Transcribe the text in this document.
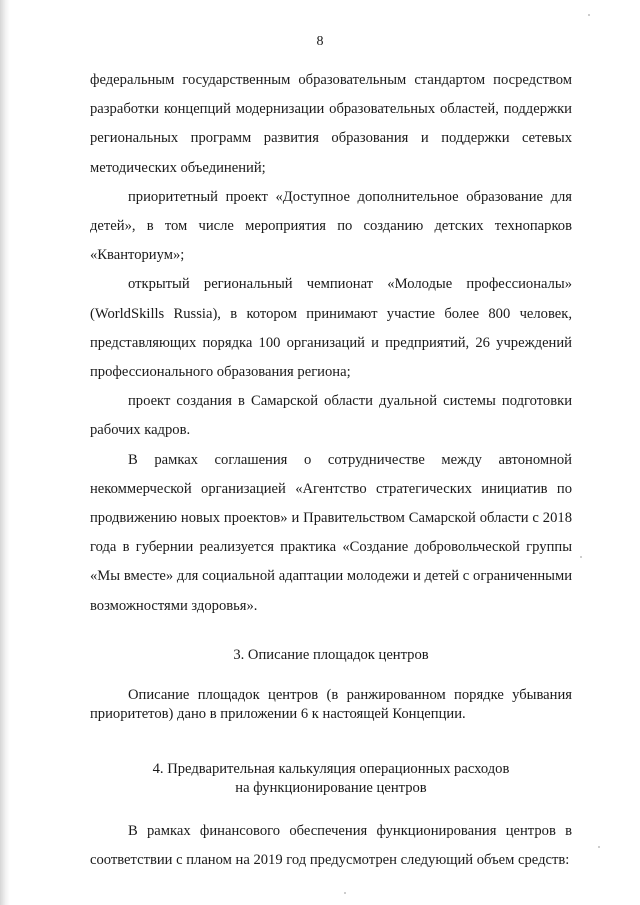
8

федеральным государственным образовательным стандартом посредством разработки концепций модернизации образовательных областей, поддержки региональных программ развития образования и поддержки сетевых методических объединений;

приоритетный проект «Доступное дополнительное образование для детей», в том числе мероприятия по созданию детских технопарков «Кванториум»;

открытый региональный чемпионат «Молодые профессионалы» (WorldSkills Russia), в котором принимают участие более 800 человек, представляющих порядка 100 организаций и предприятий, 26 учреждений профессионального образования региона;

проект создания в Самарской области дуальной системы подготовки рабочих кадров.

В рамках соглашения о сотрудничестве между автономной некоммерческой организацией «Агентство стратегических инициатив по продвижению новых проектов» и Правительством Самарской области с 2018 года в губернии реализуется практика «Создание добровольческой группы «Мы вместе» для социальной адаптации молодежи и детей с ограниченными возможностями здоровья».

3. Описание площадок центров

Описание площадок центров (в ранжированном порядке убывания приоритетов) дано в приложении 6 к настоящей Концепции.

4. Предварительная калькуляция операционных расходов

на функционирование центров

В рамках финансового обеспечения функционирования центров в соответствии с планом на 2019 год предусмотрен следующий объем средств:
